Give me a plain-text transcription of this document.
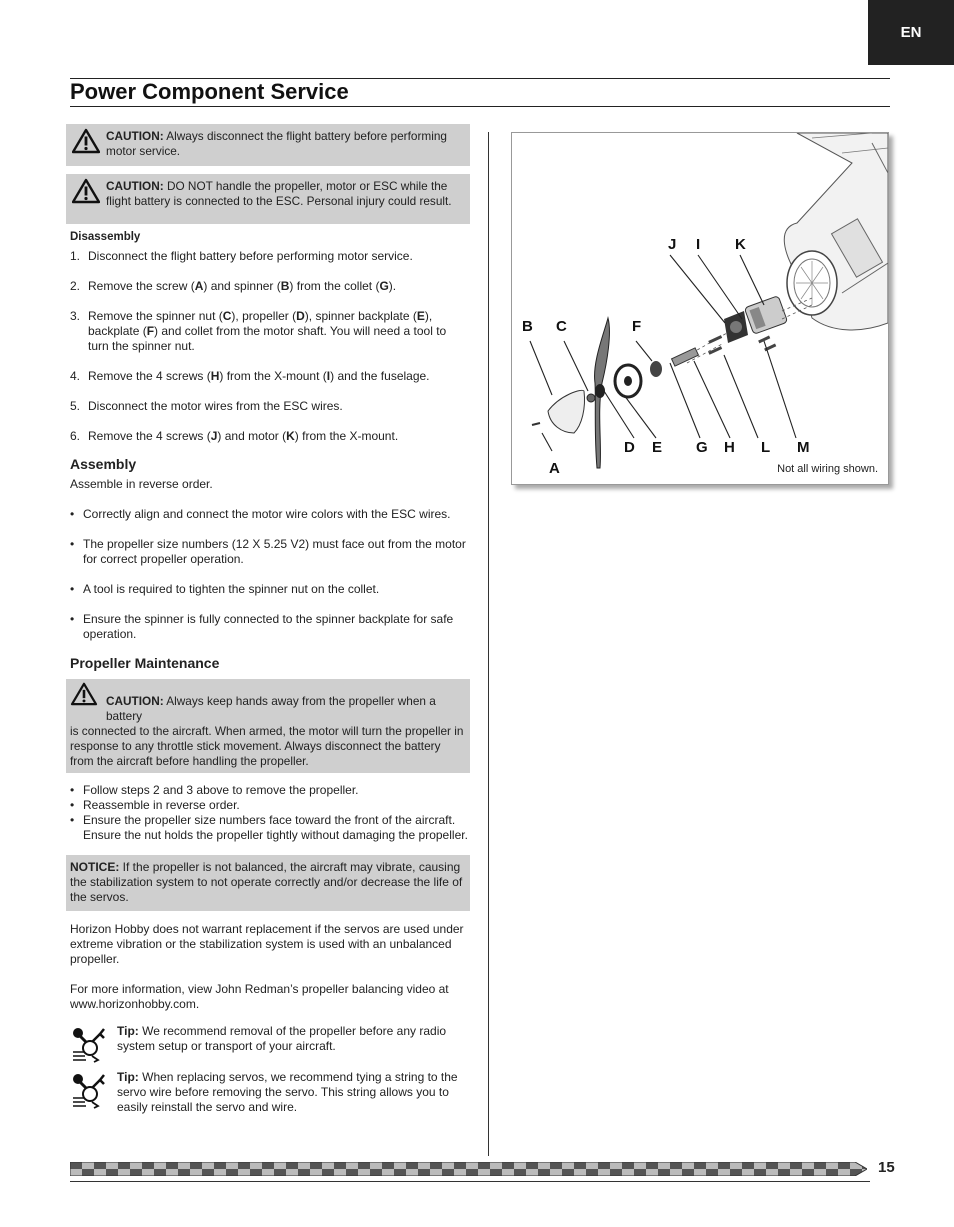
EN
Power Component Service
CAUTION: Always disconnect the flight battery before performing motor service.
CAUTION: DO NOT handle the propeller, motor or ESC while the flight battery is connected to the ESC. Personal injury could result.
Disassembly
1. Disconnect the flight battery before performing motor service.
2. Remove the screw (A) and spinner (B) from the collet (G).
3. Remove the spinner nut (C), propeller (D), spinner backplate (E), backplate (F) and collet from the motor shaft. You will need a tool to turn the spinner nut.
4. Remove the 4 screws (H) from the X-mount (I) and the fuselage.
5. Disconnect the motor wires from the ESC wires.
6. Remove the 4 screws (J) and motor (K) from the X-mount.
Assembly
Assemble in reverse order.
• Correctly align and connect the motor wire colors with the ESC wires.
• The propeller size numbers (12 X 5.25 V2) must face out from the motor for correct propeller operation.
• A tool is required to tighten the spinner nut on the collet.
• Ensure the spinner is fully connected to the spinner backplate for safe operation.
Propeller Maintenance
CAUTION: Always keep hands away from the propeller when a battery
is connected to the aircraft. When armed, the motor will turn the propeller in response to any throttle stick movement. Always disconnect the battery from the aircraft before handling the propeller.
• Follow steps 2 and 3 above to remove the propeller.
• Reassemble in reverse order.
• Ensure the propeller size numbers face toward the front of the aircraft. Ensure the nut holds the propeller tightly without damaging the propeller.
NOTICE: If the propeller is not balanced, the aircraft may vibrate, causing the stabilization system to not operate correctly and/or decrease the life of the servos.

Horizon Hobby does not warrant replacement if the servos are used under extreme vibration or the stabilization system is used with an unbalanced propeller.

For more information, view John Redman’s propeller balancing video at www.horizonhobby.com.

Tip: We recommend removal of the propeller before any radio system setup or transport of your aircraft.
Tip: When replacing servos, we recommend tying a string to the servo wire before removing the servo. This string allows you to easily reinstall the servo and wire.
J I K
B C	F
D E G H L M
A	Not all wiring shown.
15
